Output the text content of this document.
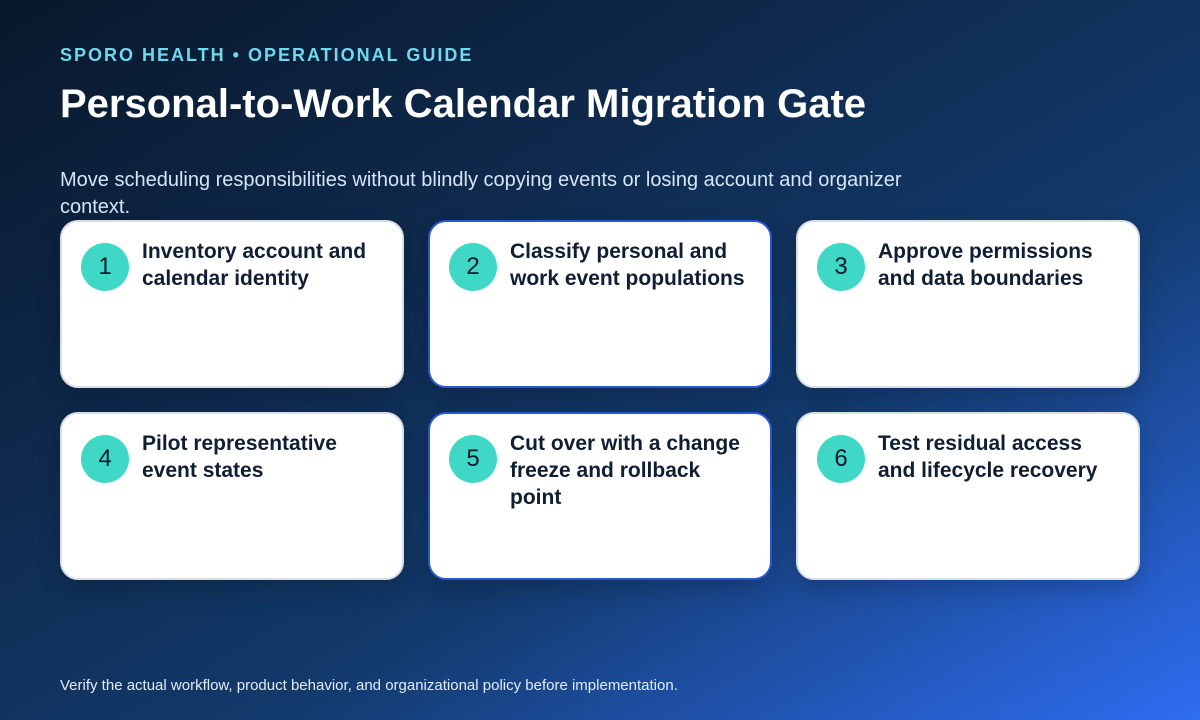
SPORO HEALTH • OPERATIONAL GUIDE
Personal-to-Work Calendar Migration Gate

Move scheduling responsibilities without blindly copying events or losing account and organizer context.

1
Inventory account and calendar identity	2
Classify personal and work event populations	3
Approve permissions and data boundaries
4
Pilot representative event states	5
Cut over with a change freeze and rollback point
6
Test residual access and lifecycle recovery
Verify the actual workflow, product behavior, and organizational policy before implementation.
